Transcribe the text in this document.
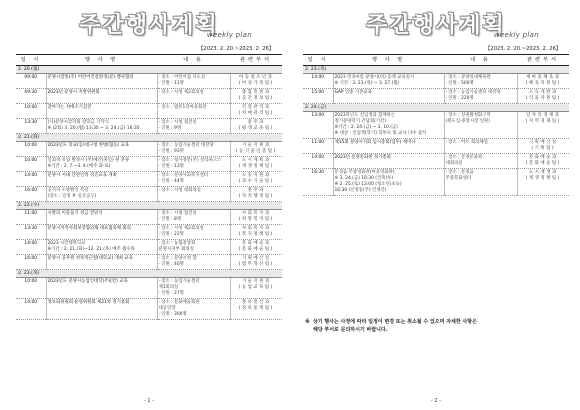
주간행사계획
weekly plan
【2023. 2. 20.~2023. 2. 26】
일 시	행 사 명	내 용	관련부서
2. 20.(월)			
09:00	분양시장통(주) 어린이건강환경(분) 행사협의	· 장소 : 어린이집 디도실
· 인원 : 11명	아동청소년과
(여성가족팀)

09:30	2023년 분양시 지방위원회	· 장소 : 시청 제2회의실	종합민원과
(공간정보팀)

10:00	찾아가는 치매조기검진	· 장소 : 법흥1리마을회관	건강관리과
(치매관리팀)

13:30	(사)분양시장학회 장학금 기탁식
※ (2회) 3. 20.(월) 13:30 ~ 3. 24.(금) 16:30	· 장소 : 시청 접견실
· 인원 : 9명	총무과
(평생교육팀)

2. 21.(화)			
10:00	2023년도 학교(동)대구청 한방(협동) 교육	· 장소 : 농업기술센터 대강당
· 인원 : 93명	기술지원과
(농식품인증팀)

10:00	일회성 유업 별정시 (주)예간(휴일) 편 분류
※기간 : 2. 7.~3. 4.(매주 화·토)	· 장소 : 청사정문(주) 갈라파고스
· 인원 : 13명	도시계획과
(재생정책팀)

14:00	분양시 시내 안전인력 경진교육 개최	· 장소 : 분양사회복지센터
· 인원 : 44명	노동지원과
(과수기술팀)

16:00	공직자 소방활인 특강
(장소 : 일정 후 실산공구)	· 장소 : 시청 대회의실	총무과
(자치행정팀)

2. 22.(수)			
11:00	시방의 이웃돕기 성금 전달식	· 장소 : 시청 접견실
· 인원 : 8명	사회복지과
(희망복지팀)

13:30	분양시지역사회보장협의체 대표협의체 회의	· 장소 : 시청 제2회의실
· 인원 : 22명	사회복지과
(복지정책팀)

14:00	2023 시민행복학교
※기간 : 2. 21.(화)~12. 21.(목) 매주 월수목	· 장소 : 농협중앙회
분양시지부 회의실	문화예술과
(문화예술팀)

16:00	분양시 공무원 성폭력근절(대학교) 개최 교육	· 장소 : 분양시청 합
· 인원 : 40명	기획예산실
(법무혁신팀)

2. 23.(목)			
10:00	2023년도 분양시농업인대학(주)(만) 교육	· 장소 : 농업기술센터
제1회의실
· 인원 : 27명	기술지원과
(농업교육팀)

14:00	정보화위원회 운영위원회 제21차 정기총회	· 장소 : 문화예술회관
대공연장
· 인원 : 300명	홍보전산과
(정보통계팀)
- 1 -
주간행사계획
weekly plan
【2023. 2. 20.~2023. 2. 26】
일 시	행 사 명	내 용	관련부서
2. 23.(목)			
14:00	2023 민속씨름 분양시(비) 동계 교육실시
※ 기간 : 3. 23.(목) ~ 3. 27.(월)	· 장소 : 분양실내체육관
· 인원 : 500명	새마을체육과
(체육지원팀)

15:00	GAP 인증 기본교육	· 장소 : 농업기술센터 대강당
· 인원 : 220명	소득개발과
(식품자원팀)

2. 24.(금)			
13:00	2023학년도 신입생과 함께하는
정기분양학기 간담회(기간)
※기간 : 2. 24.(금) ~ 3. 10.(금)
※ 대상 : 신입생(학기) 학부모 및 교사 다수 참석	· 장소 : 상권활성화구역
(원도심·중앙시장 일원)	일자리경제과
(지역경제팀)

11:00	제15회 분양시지회 임시총회(업무) 세미나	· 장소 : 아트 회의체험	기획예산실
(기획팀)

14:00	2023년 문경문화원 정기총회	· 장소 : 문경문화원
대회의실	문화예술과
(문화예술팀)

16:30	문경읍 주중영화관(마을영화관)
※ 3. 24.(금) 16:30 (건축(투)
※ 2. 25.(토) 13:00 (청소년(초등)
16:30 (신정통(주) 인생간)	· 장소 : 문경읍
주중문화센터	도시재생과
(재생정책팀)
※ 상기 행사는 사정에 따라 일정이 변경 또는 취소될 수 있으며 자세한 사항은
해당 부서로 문의하시기 바랍니다.
- 2 -
